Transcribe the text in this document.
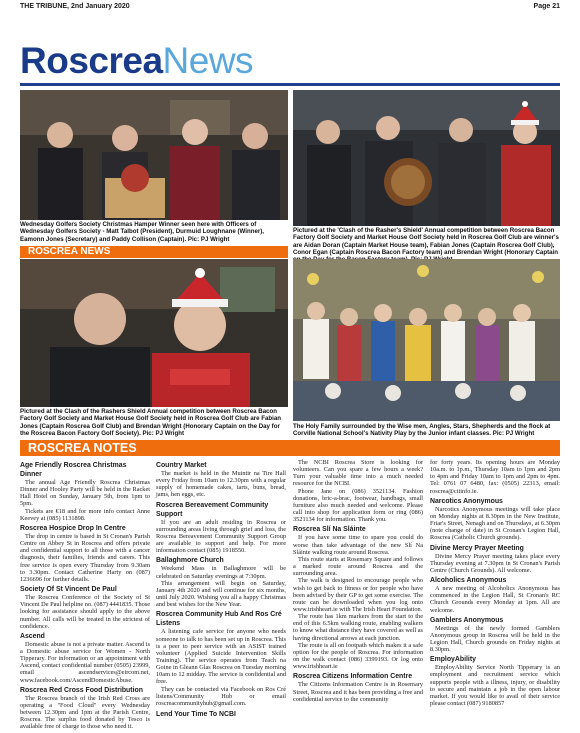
THE TRIBUNE, 2nd January 2020	Page 21
RoscreaNews
Wednesday Golfers Society Christmas Hamper Winner seen here with Officers of Wednesday Golfers Society - Matt Talbot (President), Durmuid Loughnane (Winner), Eamonn Jones (Secretary) and Paddy Collison (Captain). Pic: PJ Wright
Pictured at the 'Clash of the Rasher's Shield' Annual competition between Roscrea Bacon Factory Golf Society and Market House Golf Society held in Roscrea Golf Club are winner's are Aidan Doran (Captain Market House team), Fabian Jones (Captain Roscrea Golf Club), Conor Egan (Captain Roscrea Bacon Factory team) and Brendan Wright (Honorary Captain
ROSCREA NEWS
Pictured at the Clash of the Rashers Shield Annual competition between Roscrea Bacon Factory Golf Society and Market House Golf Society held in Roscrea Golf Club are Fabian Jones (Captain Roscrea Golf Club) and Brendan Wright (Honorary Captain on the Day for the Roscrea Bacon Factory Golf Society). Pic: PJ Wright
The Holy Family surrounded by the Wise men, Angles, Stars, Shepherds and the flock at Corville National School's Nativity Play by the Junior infant classes. Pic: PJ Wright
ROSCREA NOTES
Age Friendly Roscrea Christmas Dinner
The annual Age Friendly Roscrea Christmas Dinner and Hooley Party will be held in the Racket Hall Hotel on Sunday, January 5th, from 1pm to 5pm.
Tickets are €18 and for more info contact Anne Keevey at (085) 1131898.
Roscrea Hospice Drop In Centre
The drop in centre is based in St Cronan's Parish Centre on Abbey St in Roscrea and offers private and confidential support to all those with a cancer diagnosis, their families, friends and carers. This free service is open every Thursday from 9.30am to 3.30pm. Contact Catherine Harty on (087) 1236696 for further details.
Society Of St Vincent De Paul
The Roscrea Conference of the Society of St Vincent De Paul helpline no. (087) 4441835. Those looking for assistance should apply to the above number. All calls will be treated in the strictest of confidence.
Ascend
Domestic abuse is not a private matter. Ascend is a Domestic abuse service for Women - North Tipperary. For information or an appointment with Ascend, contact confidential number (0505) 23999, email ascendservices@eircom.net, www.facebook.com/AscendDomesticAbuse.
Roscrea Red Cross Food Distribution
The Roscrea branch of the Irish Red Cross are operating a "Food Cloud" every Wednesday between 12.30pm and 1pm at the Parish Centre, Roscrea. The surplus food donated by Tesco is available free of charge to those who need it.
Country Market
The market is held in the Muintir na Tire Hall every Friday from 10am to 12.30pm with a regular supply of homemade cakes, tarts, buns, bread, jams, hen eggs, etc.
Roscrea Bereavement Community Support
If you are an adult residing in Roscrea or surrounding areas living through grief and loss, the Roscrea Bereavement Community Support Group are available to support and help. For more information contact (085) 1918550.
Ballaghmore Church
Weekend Mass in Ballaghmore will be celebrated on Saturday evenings at 7:30pm.
This arrangement will begin on Saturday, January 4th 2020 and will continue for six months, until July 2020. Wishing you all a happy Christmas and best wishes for the New Year.
Roscrea Community Hub And Ros Cré Listens
A listening cafe service for anyone who needs someone to talk to has been set up in Roscrea. This is a peer to peer service with an ASIST trained volunteer (Applied Suicide Intervention Skills Training). The service operates from Teach na Goine in Gleann Glas Roscrea on Tuesday morning 10am to 12 midday. The service is confidential and free.
They can be contacted via Facebook on Ros Cré listens/Community Hub or email roscreacommunityhub@gmail.com.
Lend Your Time To NCBI
The NCBI Roscrea Store is looking for volunteers. Can you spare a few hours a week? Turn your valuable time into a much needed resource for the NCBI.
Phone Jane on (086) 3521134. Fashion donations, bric-a-brac, footwear, handbags, small furniture also much needed and welcome. Please call into shop for application form or ring (086) 3521134 for information. Thank you.
Roscrea Slí Na Sláinte
If you have some time to spare you could do worse than take advantage of the new Slí Na Sláinte walking route around Roscrea.
This route starts at Rosemary Square and follows a marked route around Roscrea and the surrounding area.
The walk is designed to encourage people who wish to get back to fitness or for people who have been advised by their GP to get some exercise. The route can be downloaded when you log onto www.irishheart.ie with The Irish Heart Foundation.
The route has 1km markers from the start to the end of this 6.5km walking route, enabling walkers to know what distance they have covered as well as having directional arrows at each junction.
The route is all on footpath which makes it a safe option for the people of Roscrea. For information on the walk contact (086) 3399193. Or log onto www.irishheart.ie
Roscrea Citizens Information Centre
The Citizens Information Centre is in Rosemary Street, Roscrea and it has been providing a free and confidential service to the community
for forty years. Its opening hours are Monday 10a.m. to 1p.m., Thursday 10am to 1pm and 2pm to 4pm and Friday 10am to 1pm and 2pm to 4pm. Tel: 0761 07 6480, fax: (0505) 22313, email: roscrea@citinfo.ie.
Narcotics Anonymous
Narcotics Anonymous meetings will take place on Monday nights at 8.30pm in the New Institute, Friar's Street, Nenagh and on Thursdays, at 6.30pm (note change of date) in St Cronan's Legion Hall, Roscrea (Catholic Church grounds).
Divine Mercy Prayer Meeting
Divine Mercy Prayer meeting takes place every Thursday evening at 7.30pm in St Cronan's Parish Centre (Church Grounds). All welcome.
Alcoholics Anonymous
A new meeting of Alcoholics Anonymous has commenced in the Legion Hall, St Cronan's RC Church Grounds every Monday at 1pm. All are welcome.
Gamblers Anonymous
Meetings of the newly formed Gamblers Anonymous group in Roscrea will be held in the Legion Hall, Church grounds on Friday nights at 8.30pm.
EmployAbility
EmployAbility Service North Tipperary is an employment and recruitment service which supports people with a illness, injury, or disability to secure and maintain a job in the open labour market. If you would like to avail of their service please contact (087) 9180857
